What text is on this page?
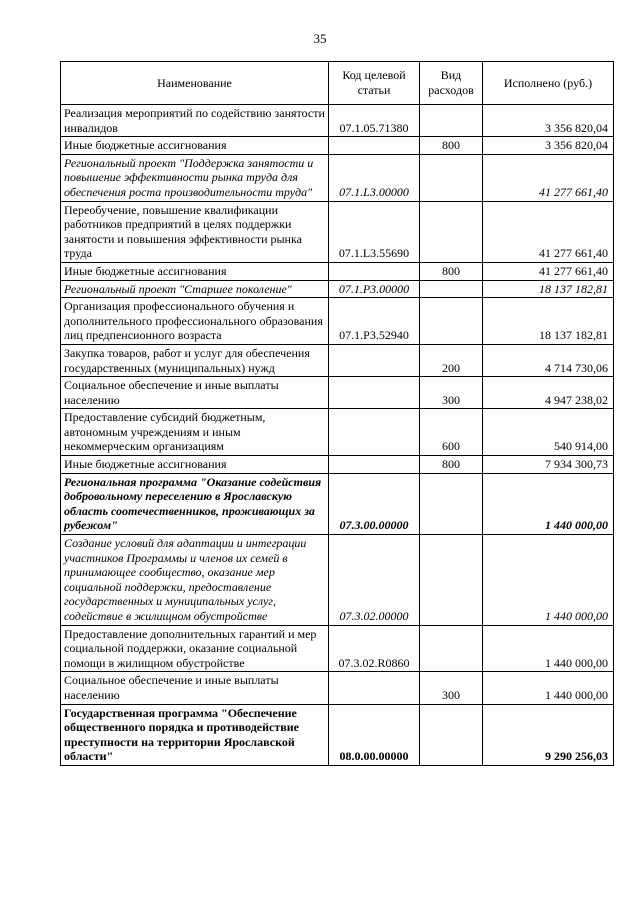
35
Наименование	Код целевой статьи	Вид расходов	Исполнено (руб.)
Реализация мероприятий по содействию занятости инвалидов	07.1.05.71380		3 356 820,04
Иные бюджетные ассигнования		800	3 356 820,04
Региональный проект "Поддержка занятости и повышение эффективности рынка труда для обеспечения роста производительности труда"	07.1.L3.00000		41 277 661,40
Переобучение, повышение квалификации работников предприятий в целях поддержки занятости и повышения эффективности рынка труда	07.1.L3.55690		41 277 661,40
Иные бюджетные ассигнования		800	41 277 661,40
Региональный проект "Старшее поколение"	07.1.P3.00000		18 137 182,81
Организация профессионального обучения и дополнительного профессионального образования лиц предпенсионного возраста	07.1.P3.52940		18 137 182,81
Закупка товаров, работ и услуг для обеспечения государственных (муниципальных) нужд		200	4 714 730,06
Социальное обеспечение и иные выплаты населению		300	4 947 238,02
Предоставление субсидий бюджетным, автономным учреждениям и иным некоммерческим организациям		600	540 914,00
Иные бюджетные ассигнования		800	7 934 300,73
Региональная программа "Оказание содействия добровольному переселению в Ярославскую область соотечественников, проживающих за рубежом"	07.3.00.00000		1 440 000,00
Создание условий для адаптации и интеграции участников Программы и членов их семей в принимающее сообщество, оказание мер социальной поддержки, предоставление государственных и муниципальных услуг, содействие в жилищном обустройстве	07.3.02.00000		1 440 000,00
Предоставление дополнительных гарантий и мер социальной поддержки, оказание социальной помощи в жилищном обустройстве	07.3.02.R0860		1 440 000,00
Социальное обеспечение и иные выплаты населению		300	1 440 000,00
Государственная программа "Обеспечение общественного порядка и противодействие преступности на территории Ярославской области"	08.0.00.00000		9 290 256,03
